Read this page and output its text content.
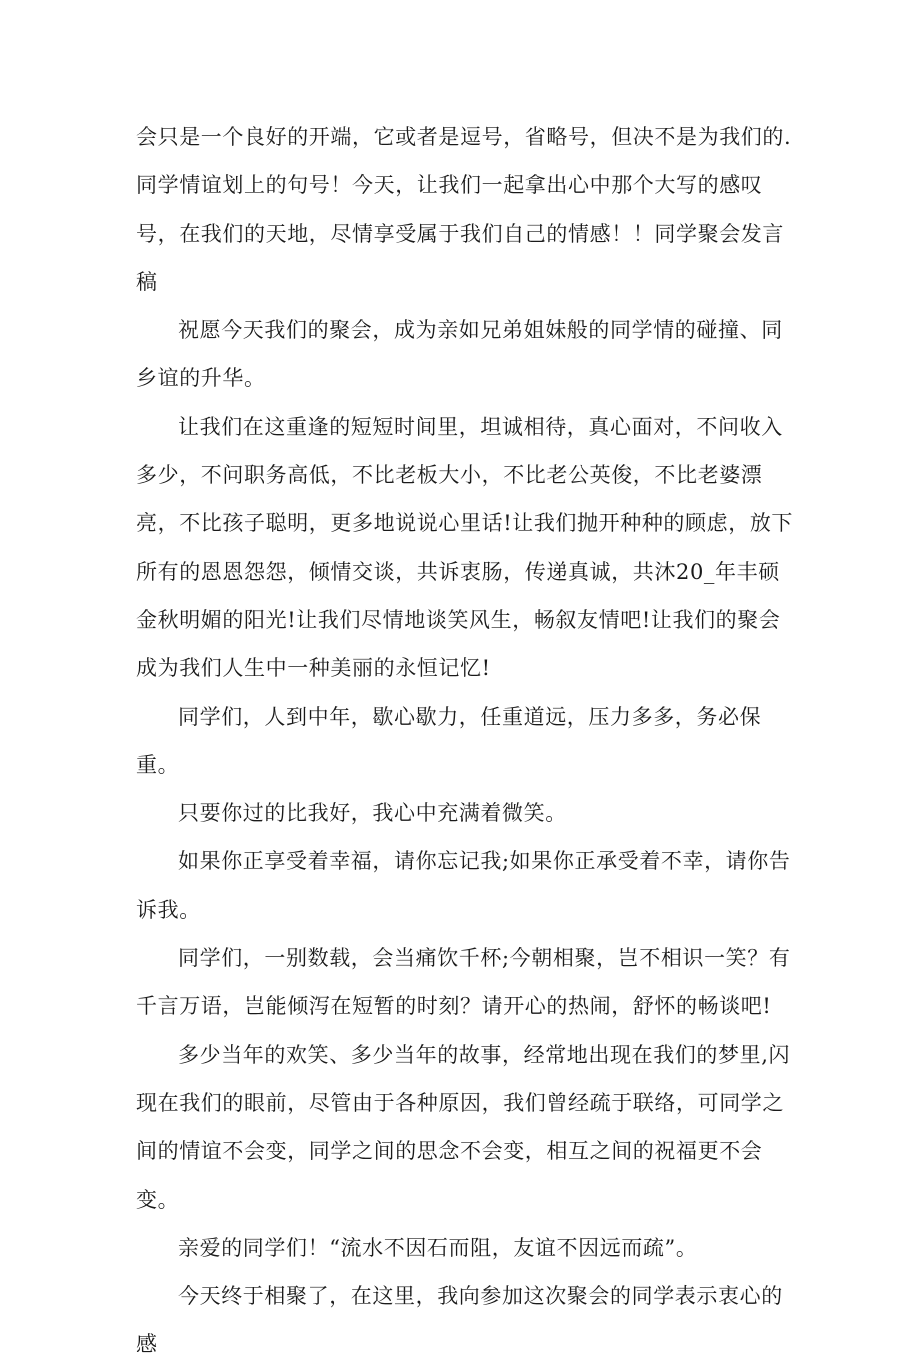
会只是一个良好的开端，它或者是逗号，省略号，但决不是为我们的.同学情谊划上的句号！今天，让我们一起拿出心中那个大写的感叹号，在我们的天地，尽情享受属于我们自己的情感！！同学聚会发言稿

祝愿今天我们的聚会，成为亲如兄弟姐妹般的同学情的碰撞、同乡谊的升华。

让我们在这重逢的短短时间里，坦诚相待，真心面对，不问收入多少，不问职务高低，不比老板大小，不比老公英俊，不比老婆漂亮，不比孩子聪明，更多地说说心里话!让我们抛开种种的顾虑，放下所有的恩恩怨怨，倾情交谈，共诉衷肠，传递真诚，共沐20_年丰硕金秋明媚的阳光!让我们尽情地谈笑风生，畅叙友情吧!让我们的聚会成为我们人生中一种美丽的永恒记忆!

同学们，人到中年，歇心歇力，任重道远，压力多多，务必保重。

只要你过的比我好，我心中充满着微笑。

如果你正享受着幸福，请你忘记我;如果你正承受着不幸，请你告诉我。

同学们，一别数载，会当痛饮千杯;今朝相聚，岂不相识一笑？有千言万语，岂能倾泻在短暂的时刻？请开心的热闹，舒怀的畅谈吧!

多少当年的欢笑、多少当年的故事，经常地出现在我们的梦里,闪现在我们的眼前，尽管由于各种原因，我们曾经疏于联络，可同学之间的情谊不会变，同学之间的思念不会变，相互之间的祝福更不会变。

亲爱的同学们！“流水不因石而阻，友谊不因远而疏”。

今天终于相聚了，在这里，我向参加这次聚会的同学表示衷心的感
